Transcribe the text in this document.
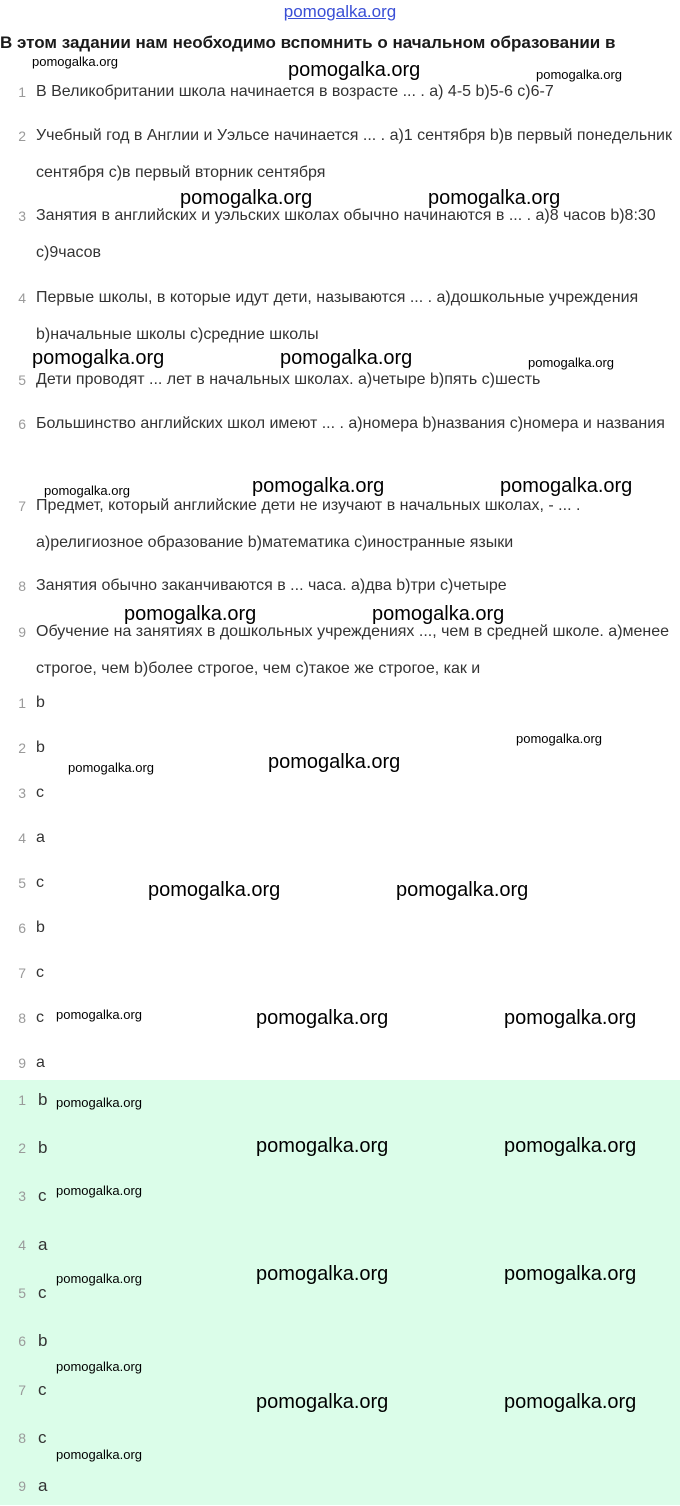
pomogalka.org
В этом задании нам необходимо вспомнить о начальном образовании в
1 В Великобритании школа начинается в возрасте ... . a) 4-5 b)5-6 c)6-7
2 Учебный год в Англии и Уэльсе начинается ... . a)1 сентября b)в первый понедельник сентября c)в первый вторник сентября
3 Занятия в английских и уэльских школах обычно начинаются в ... . a)8 часов b)8:30 c)9часов
4 Первые школы, в которые идут дети, называются ... . a)дошкольные учреждения b)начальные школы c)средние школы
5 Дети проводят ... лет в начальных школах. a)четыре b)пять c)шесть
6 Большинство английских школ имеют ... . a)номера b)названия c)номера и названия
7 Предмет, который английские дети не изучают в начальных школах, - ... . a)религиозное образование b)математика c)иностранные языки
8 Занятия обычно заканчиваются в ... часа. a)два b)три c)четыре
9 Обучение на занятиях в дошкольных учреждениях ..., чем в средней школе. a)менее строгое, чем b)более строгое, чем c)такое же строгое, как и
1 b
2 b
3 c
4 a
5 c
6 b
7 c
8 c
9 a
1 b
2 b
3 c
4 a
5 c
6 b
7 c
8 c
9 a
pomogalka.org	pomogalka.org	pomogalka.org
pomogalka.org	pomogalka.org
pomogalka.org	pomogalka.org	pomogalka.org
pomogalka.org	pomogalka.org	pomogalka.org
pomogalka.org	pomogalka.org
pomogalka.org
pomogalka.org	pomogalka.org
pomogalka.org	pomogalka.org
pomogalka.org	pomogalka.org	pomogalka.org
pomogalka.org
pomogalka.org	pomogalka.org
pomogalka.org
pomogalka.org	pomogalka.org	pomogalka.org
pomogalka.org
pomogalka.org	pomogalka.org
pomogalka.org
